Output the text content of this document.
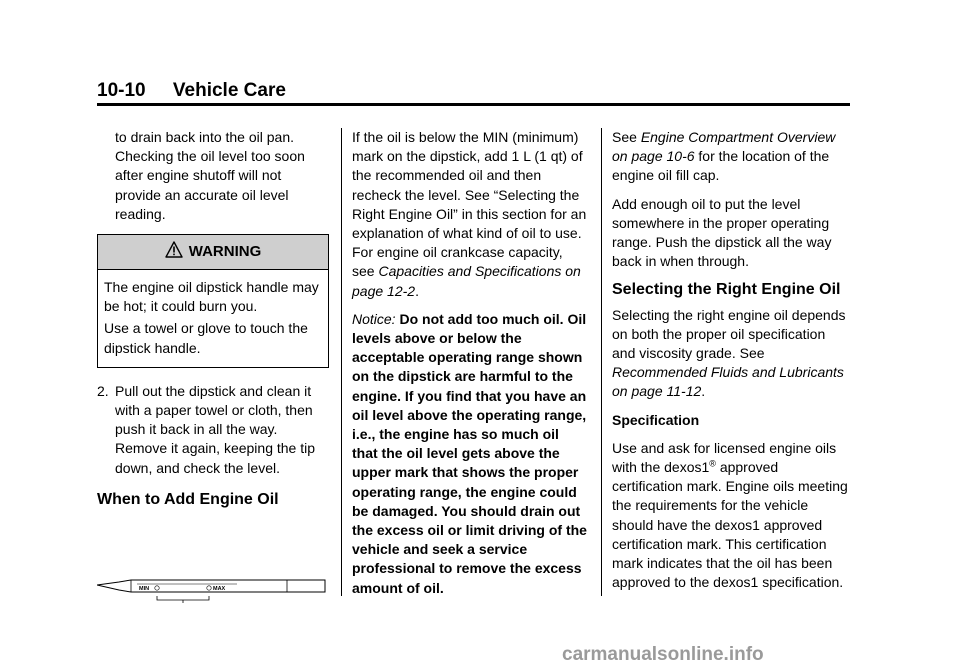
10-10 Vehicle Care

to drain back into the oil pan. Checking the oil level too soon after engine shutoff will not provide an accurate oil level reading.

WARNING

The engine oil dipstick handle may be hot; it could burn you.

Use a towel or glove to touch the dipstick handle.

2. Pull out the dipstick and clean it with a paper towel or cloth, then push it back in all the way. Remove it again, keeping the tip down, and check the level.
When to Add Engine Oil
MIN	MAX

If the oil is below the MIN (minimum) mark on the dipstick, add 1 L (1 qt) of the recommended oil and then recheck the level. See “Selecting the Right Engine Oil” in this section for an explanation of what kind of oil to use. For engine oil crankcase capacity, see Capacities and Specifications on page 12-2.

Notice: Do not add too much oil. Oil levels above or below the acceptable operating range shown on the dipstick are harmful to the engine. If you find that you have an oil level above the operating range, i.e., the engine has so much oil that the oil level gets above the upper mark that shows the proper operating range, the engine could be damaged. You should drain out the excess oil or limit driving of the vehicle and seek a service professional to remove the excess amount of oil.

See Engine Compartment Overview on page 10-6 for the location of the engine oil fill cap.

Add enough oil to put the level somewhere in the proper operating range. Push the dipstick all the way back in when through.

Selecting the Right Engine Oil

Selecting the right engine oil depends on both the proper oil specification and viscosity grade. See Recommended Fluids and Lubricants on page 11-12.

Specification

Use and ask for licensed engine oils with the dexos1® approved certification mark. Engine oils meeting the requirements for the vehicle should have the dexos1 approved certification mark. This certification mark indicates that the oil has been approved to the dexos1 specification.

carmanualsonline.info
